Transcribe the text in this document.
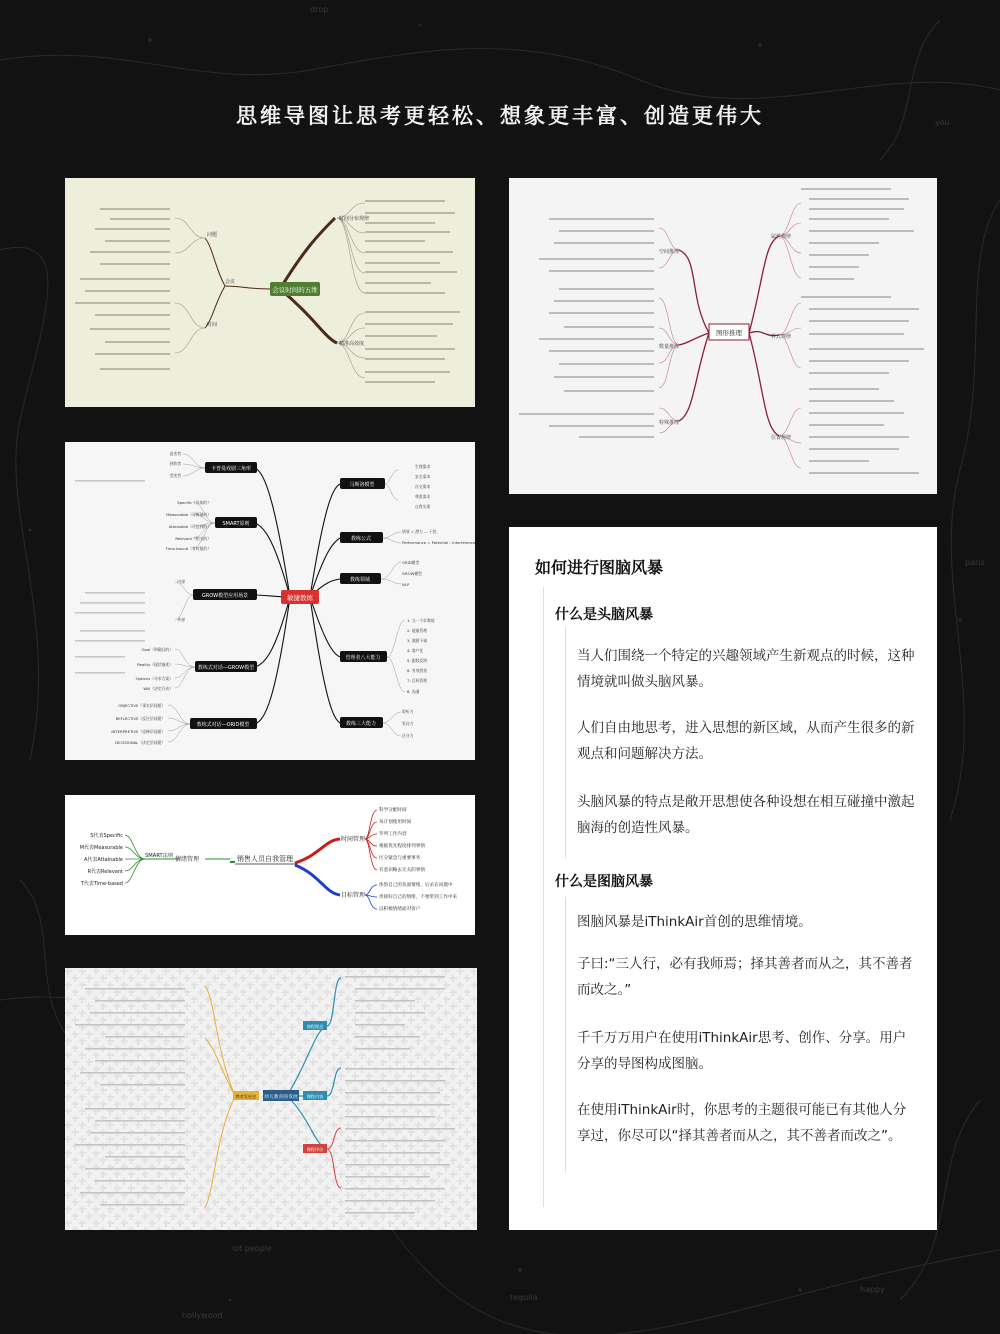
drop
you
paris
lot people
hollywood
tequila
happy
思维导图让思考更轻松、想象更丰富、创造更伟大
会议时间的五维
时间分布规律
精准高效度
会议
问题
时间
图形推理
空间推理
数量推理
特殊推理
属性规律
样式规律
位置规律
敏捷教练
卡普曼戏剧三角形
SMART原则
GROW模型应用场景
教练式对话—GROW模型
教练式对话—ORID模型
马斯洛模型
教练公式
教练领域
管理者八大能力
教练三大能力
迫害者
拯救者
受害者
Specific（具体的）
Measurable（可衡量的）
Attainable（可达到的）
Relevant（相关的）
Time-bound（有时限的）
内部
外部
Goal（明确目的）
Reality（现状描述）
Options（寻求方案）
Will（决定行动）
OBJECTIVE（事实层问题）
REFLECTIVE（反应层问题）
INTERPRETIVE（诠释层问题）
DECISIONAL（决定层问题）
生理需求
安全需求
社交需求
尊重需求
自我实现
绩效 = 潜力 — 干扰
Performance = Potential - Interference
ORID模型
GROW模型
NLP
1. 当一个好教练
2. 能量管理
3. 激励下属
4. 客户化
5. 跟踪反馈
6. 有效授权
7. 目标管理
8. 沟通
聆听力
发问力
区分力
销售人员自我管理
情绪管理
SMART法则
时间管理
目标管理
S代表Specific
M代表Measurable
A代表Attainable
R代表Relevant
T代表Time-based
科学分配时间
每计划使用时间
罗列工作内容
根据优先程度排列事情
区分紧急与重要事务
有意识略去无关的事情
体察自己的负面情绪，后杀在问题中
坦接好自己的情绪，不要带到工作中来
以积极情绪面对客户
幼儿教育的发展
教育发展史
课程理念
课程内容
课程评价
如何进行图脑风暴

什么是头脑风暴

当人们围绕一个特定的兴趣领域产生新观点的时候，这种情境就叫做头脑风暴。

人们自由地思考，进入思想的新区域，从而产生很多的新观点和问题解决方法。

头脑风暴的特点是敞开思想使各种设想在相互碰撞中激起脑海的创造性风暴。

什么是图脑风暴

图脑风暴是iThinkAir首创的思维情境。

子曰:“三人行，必有我师焉；择其善者而从之，其不善者而改之。”

千千万万用户在使用iThinkAir思考、创作、分享。用户分享的导图构成图脑。

在使用iThinkAir时，你思考的主题很可能已有其他人分享过，你尽可以“择其善者而从之，其不善者而改之”。
